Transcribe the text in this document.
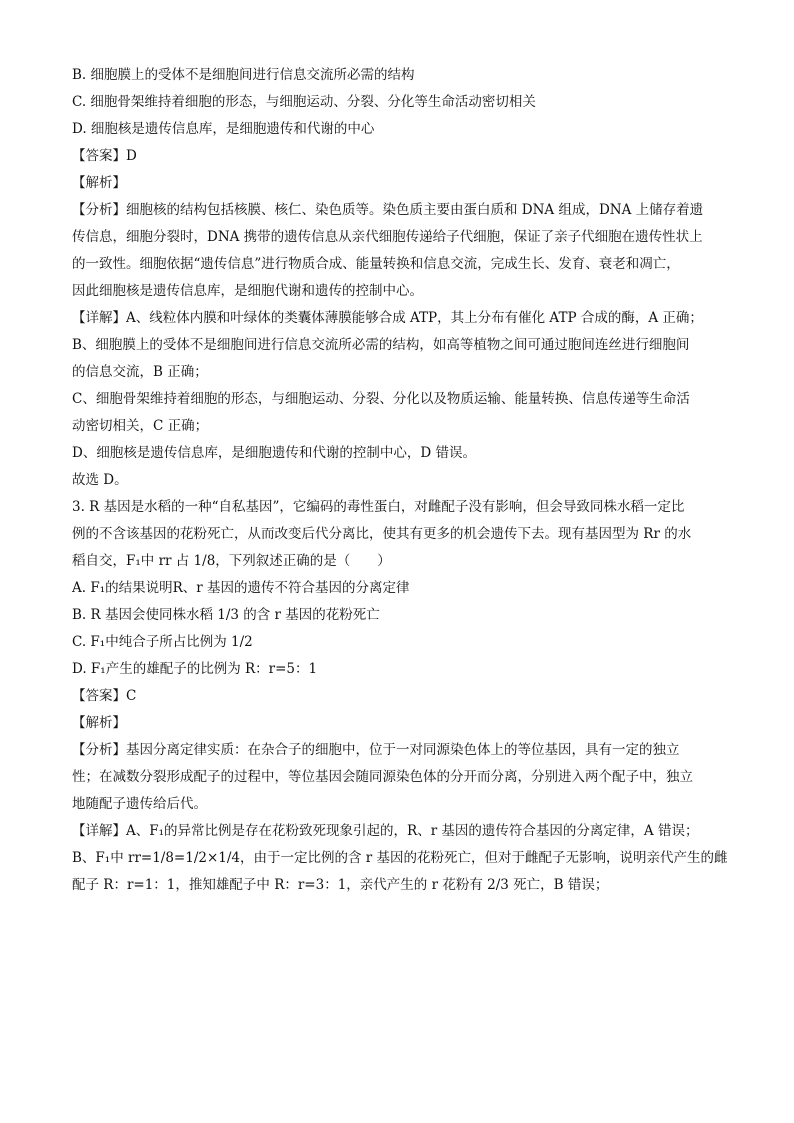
B. 细胞膜上的受体不是细胞间进行信息交流所必需的结构
C. 细胞骨架维持着细胞的形态，与细胞运动、分裂、分化等生命活动密切相关
D. 细胞核是遗传信息库，是细胞遗传和代谢的中心
【答案】D
【解析】
【分析】细胞核的结构包括核膜、核仁、染色质等。染色质主要由蛋白质和 DNA 组成，DNA 上储存着遗
传信息，细胞分裂时，DNA 携带的遗传信息从亲代细胞传递给子代细胞，保证了亲子代细胞在遗传性状上
的一致性。细胞依据“遗传信息”进行物质合成、能量转换和信息交流，完成生长、发育、衰老和凋亡，
因此细胞核是遗传信息库，是细胞代谢和遗传的控制中心。
【详解】A、线粒体内膜和叶绿体的类囊体薄膜能够合成 ATP，其上分布有催化 ATP 合成的酶，A 正确；
B、细胞膜上的受体不是细胞间进行信息交流所必需的结构，如高等植物之间可通过胞间连丝进行细胞间
的信息交流，B 正确；
C、细胞骨架维持着细胞的形态，与细胞运动、分裂、分化以及物质运输、能量转换、信息传递等生命活
动密切相关，C 正确；
D、细胞核是遗传信息库，是细胞遗传和代谢的控制中心，D 错误。
故选 D。
3. R 基因是水稻的一种“自私基因”，它编码的毒性蛋白，对雌配子没有影响，但会导致同株水稻一定比
例的不含该基因的花粉死亡，从而改变后代分离比，使其有更多的机会遗传下去。现有基因型为 Rr 的水
稻自交，F₁中 rr 占 1/8，下列叙述正确的是（　　）
A. F₁的结果说明R、r 基因的遗传不符合基因的分离定律
B. R 基因会使同株水稻 1/3 的含 r 基因的花粉死亡
C. F₁中纯合子所占比例为 1/2
D. F₁产生的雄配子的比例为 R：r=5：1
【答案】C
【解析】
【分析】基因分离定律实质：在杂合子的细胞中，位于一对同源染色体上的等位基因，具有一定的独立
性；在减数分裂形成配子的过程中，等位基因会随同源染色体的分开而分离，分别进入两个配子中，独立
地随配子遗传给后代。
【详解】A、F₁的异常比例是存在花粉致死现象引起的，R、r 基因的遗传符合基因的分离定律，A 错误；
B、F₁中 rr=1/8=1/2×1/4，由于一定比例的含 r 基因的花粉死亡，但对于雌配子无影响，说明亲代产生的雌
配子 R：r=1：1，推知雄配子中 R：r=3：1，亲代产生的 r 花粉有 2/3 死亡，B 错误；
